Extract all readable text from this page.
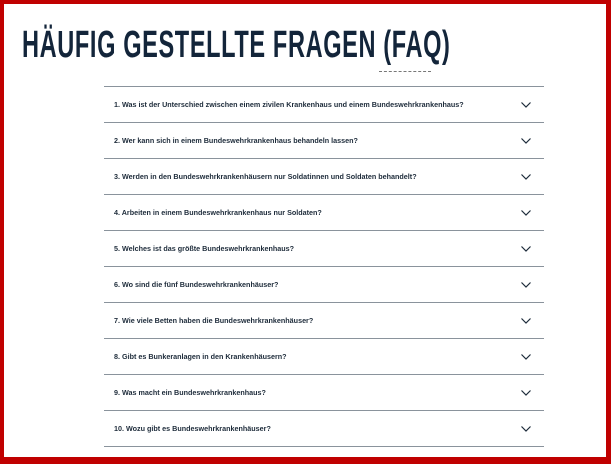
HÄUFIG GESTELLTE FRAGEN (FAQ)
1. Was ist der Unterschied zwischen einem zivilen Krankenhaus und einem Bundeswehrkrankenhaus?
2. Wer kann sich in einem Bundeswehrkrankenhaus behandeln lassen?
3. Werden in den Bundeswehrkrankenhäusern nur Soldatinnen und Soldaten behandelt?
4. Arbeiten in einem Bundeswehrkrankenhaus nur Soldaten?
5. Welches ist das größte Bundeswehrkrankenhaus?
6. Wo sind die fünf Bundeswehrkrankenhäuser?
7. Wie viele Betten haben die Bundeswehrkrankenhäuser?
8. Gibt es Bunkeranlagen in den Krankenhäusern?
9. Was macht ein Bundeswehrkrankenhaus?
10. Wozu gibt es Bundeswehrkrankenhäuser?
